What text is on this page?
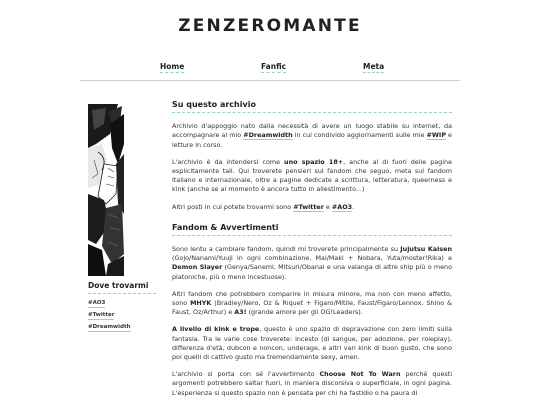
ZENZEROMANTE
Home	Fanfic	Meta
Dove trovarmi
#AO3
#Twitter
#Dreamwidth
Su questo archivio

Archivio d'appoggio nato dalla necessità di avere un luogo stabile su internet, da accompagnare al mio #Dreamwidth in cui condivido aggiornamenti sulle mie #WIP e letture in corso.

L'archivio è da intendersi come uno spazio 18+, anche al di fuori delle pagine esplicitamente tali. Qui troverete pensieri sul fandom che seguo, meta sul fandom italiano e internazionale, oltre a pagine dedicate a scrittura, letteratura, queerness e kink (anche se al momento è ancora tutto in allestimento...)

Altri posti in cui potete trovarmi sono #Twitter e #AO3.

Fandom & Avvertimenti

Sono lentu a cambiare fandom, quindi mi troverete principalmente su Jujutsu Kaisen (Gojo/Nanami/Yuuji in ogni combinazione, Mai/Maki + Nobara, Yuta/moster!Rika) e Demon Slayer (Genya/Sanemi, Mitsuri/Obanai e una valanga di altre ship più o meno platoniche, più o meno incestuose).

Altri fandom che potrebbero comparire in misura minore, ma non con meno affetto, sono MHYK (Bradley/Nero, Oz & Riquet + Figaro/Mitile, Faust/Figaro/Lennox, Shino & Faust, Oz/Arthur) e A3! (grande amore per gli OG!Leaders).

A livello di kink e trope, questo è uno spazio di depravazione con zero limiti sulla fantasia. Tra le varie cose troverete: incesto (di sangue, per adozione, per roleplay), differenza d'età, dubcon e noncon, underage, e altri vari kink di buon gusto, che sono poi quelli di cattivo gusto ma tremendamente sexy, amen.

L'archivio si porta con sé l'avvertimento Choose Not To Warn perché questi argomenti potrebbero saltar fuori, in maniera discorsiva o superficiale, in ogni pagina. L'esperienza si questo spazio non è pensata per chi ha fastidio o ha paura di
